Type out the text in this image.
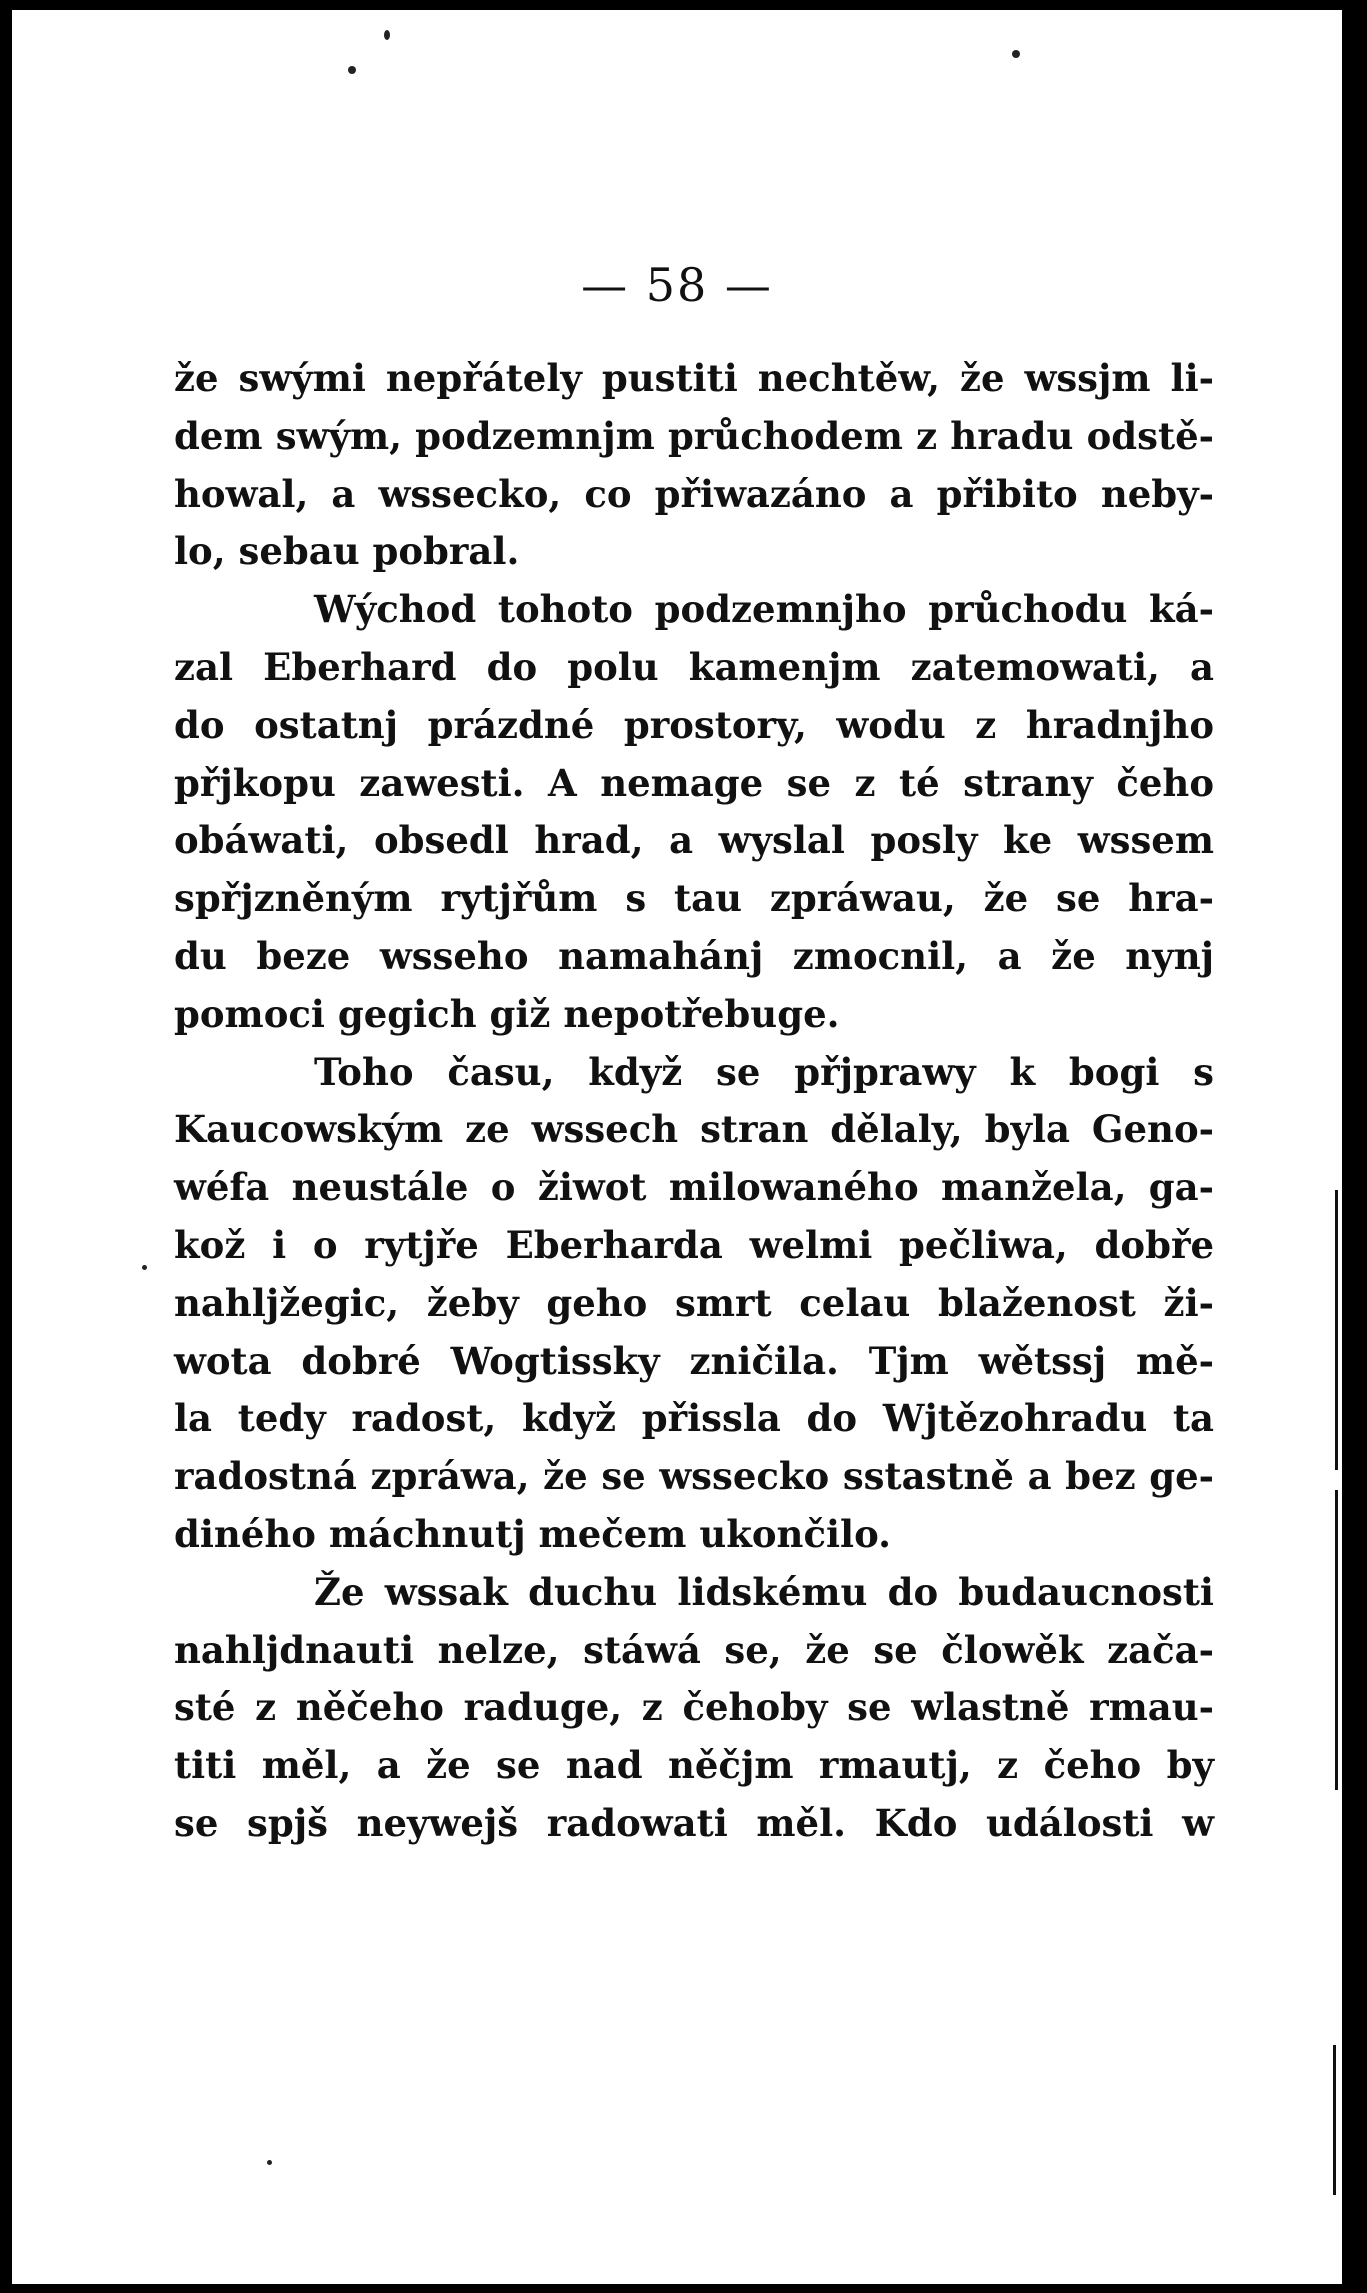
— 58 —
že swými nepřátely pustiti nechtěw, že wssjm li-
dem swým, podzemnjm průchodem z hradu odstě-
howal, a wsseckо, co přiwazáno a přibito neby-
lo, sebau pobral.
Wýchod tohoto podzemnjho průchodu ká-
zal Eberhard do polu kamenjm zatemowati, a
do ostatnj prázdné prostory, wodu z hradnjho
přjkopu zawesti. A nemage se z té strany čeho
obáwati, obsedl hrad, a wyslal posly ke wssem
spřjzněným rytjřům s tau zpráwau, že se hra-
du beze wsseho namahánj zmocnil, a že nynj
pomoci gegich giž nepotřebuge.
Toho času, když se přjprawy k bogi s
Kaucowským ze wssech stran dělaly, byla Geno-
wéfa neustále o žiwot milowaného manžela, ga-
kož i o rytjře Eberharda welmi pečliwa, dobře
nahljžegic, žeby geho smrt celau blaženost ži-
wota dobré Wogtissky zničila. Tjm wětssj mě-
la tedy radost, když přissla do Wjtězohradu ta
radostná zpráwa, že se wssecko sstastně a bez ge-
diného máchnutj mečem ukončilo.
Že wssak duchu lidskému do budaucnosti
nahljdnauti nelze, stáwá se, že se člowěk zača-
sté z něčeho raduge, z čehoby se wlastně rmau-
titi měl, a že se nad něčjm rmautj, z čeho by
se spjš neywejš radowati měl. Kdo události w
